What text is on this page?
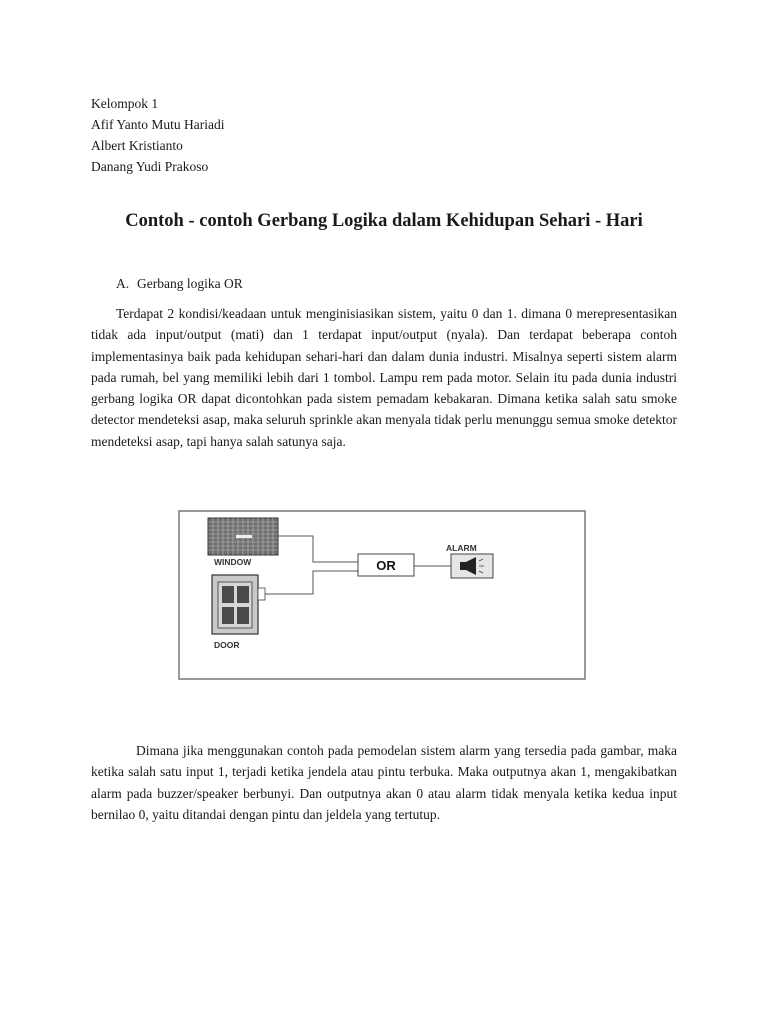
Kelompok 1
Afif Yanto Mutu Hariadi
Albert Kristianto
Danang Yudi Prakoso
Contoh - contoh Gerbang Logika dalam Kehidupan Sehari - Hari
A. Gerbang logika OR

Terdapat 2 kondisi/keadaan untuk menginisiasikan sistem, yaitu 0 dan 1. dimana 0 merepresentasikan tidak ada input/output (mati) dan 1 terdapat input/output (nyala). Dan terdapat beberapa contoh implementasinya baik pada kehidupan sehari-hari dan dalam dunia industri. Misalnya seperti sistem alarm pada rumah, bel yang memiliki lebih dari 1 tombol. Lampu rem pada motor. Selain itu pada dunia industri gerbang logika OR dapat dicontohkan pada sistem pemadam kebakaran. Dimana ketika salah satu smoke detector mendeteksi asap, maka seluruh sprinkle akan menyala tidak perlu menunggu semua smoke detektor mendeteksi asap, tapi hanya salah satunya saja.

WINDOW
DOOR
OR
ALARM

Dimana jika menggunakan contoh pada pemodelan sistem alarm yang tersedia pada gambar, maka ketika salah satu input 1, terjadi ketika jendela atau pintu terbuka. Maka outputnya akan 1, mengakibatkan alarm pada buzzer/speaker berbunyi. Dan outputnya akan 0 atau alarm tidak menyala ketika kedua input bernilao 0, yaitu ditandai dengan pintu dan jeldela yang tertutup.
